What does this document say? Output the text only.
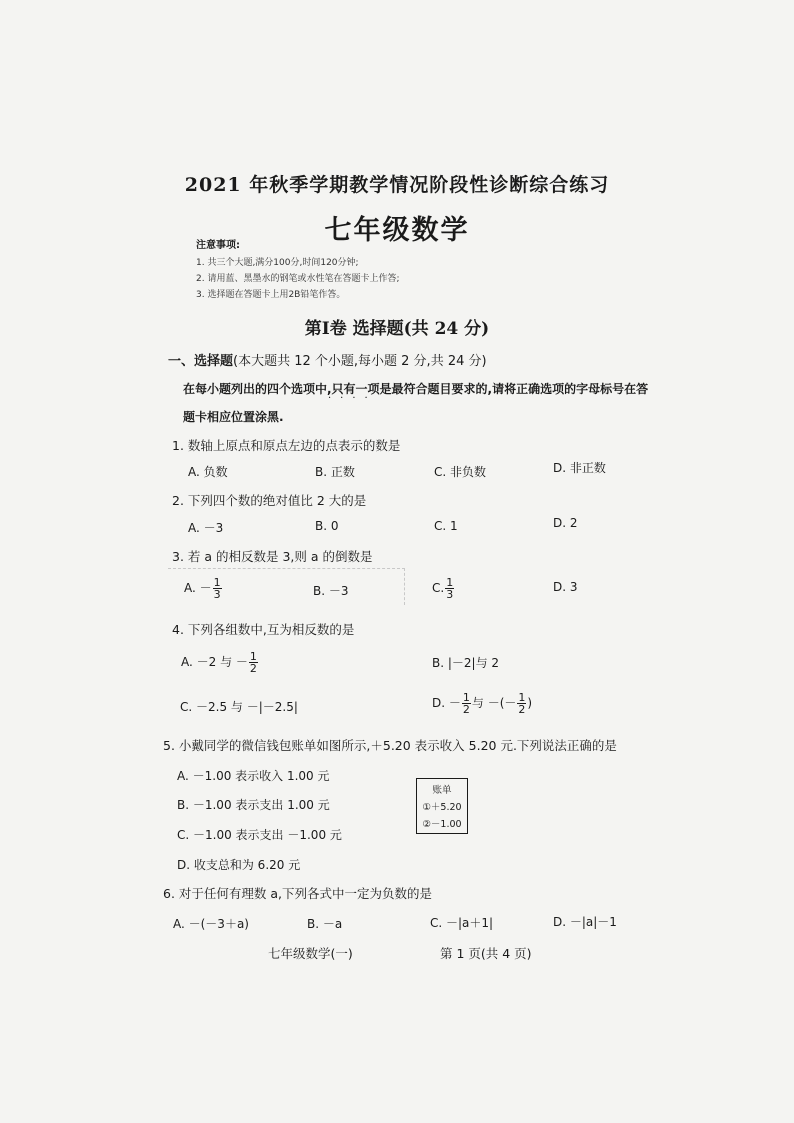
2021 年秋季学期教学情况阶段性诊断综合练习
七年级数学
注意事项:
1. 共三个大题,满分100分,时间120分钟;
2. 请用蓝、黑墨水的钢笔或水性笔在答题卡上作答;
3. 选择题在答题卡上用2B铅笔作答。
第Ⅰ卷 选择题(共 24 分)
一、选择题(本大题共 12 个小题,每小题 2 分,共 24 分)
在每小题列出的四个选项中,只有一项是最符合题目要求的,请将正确选项的字母标号在答
····
题卡相应位置涂黑.
1. 数轴上原点和原点左边的点表示的数是
A. 负数	B. 正数	C. 非负数	D. 非正数
2. 下列四个数的绝对值比 2 大的是
A. －3	B. 0	C. 1	D. 2
3. 若 a 的相反数是 3,则 a 的倒数是
A. － $\frac{1}{3}$	B. －3	C. $\frac{1}{3}$	D. 3
4. 下列各组数中,互为相反数的是
A. －2 与 － $\frac{1}{2}$	B. |－2|与 2
C. －2.5 与 －|－2.5|	D. － $\frac{1}{2}$ 与 －(－ $\frac{1}{2}$ )
5. 小戴同学的微信钱包账单如图所示,＋5.20 表示收入 5.20 元.下列说法正确的是
A. －1.00 表示收入 1.00 元
B. －1.00 表示支出 1.00 元
C. －1.00 表示支出 －1.00 元
D. 收支总和为 6.20 元
账单
①＋5.20
②－1.00
6. 对于任何有理数 a,下列各式中一定为负数的是
A. －(－3＋a)	B. －a	C. －|a＋1|	D. －|a|－1
七年级数学(一)	第 1 页(共 4 页)
